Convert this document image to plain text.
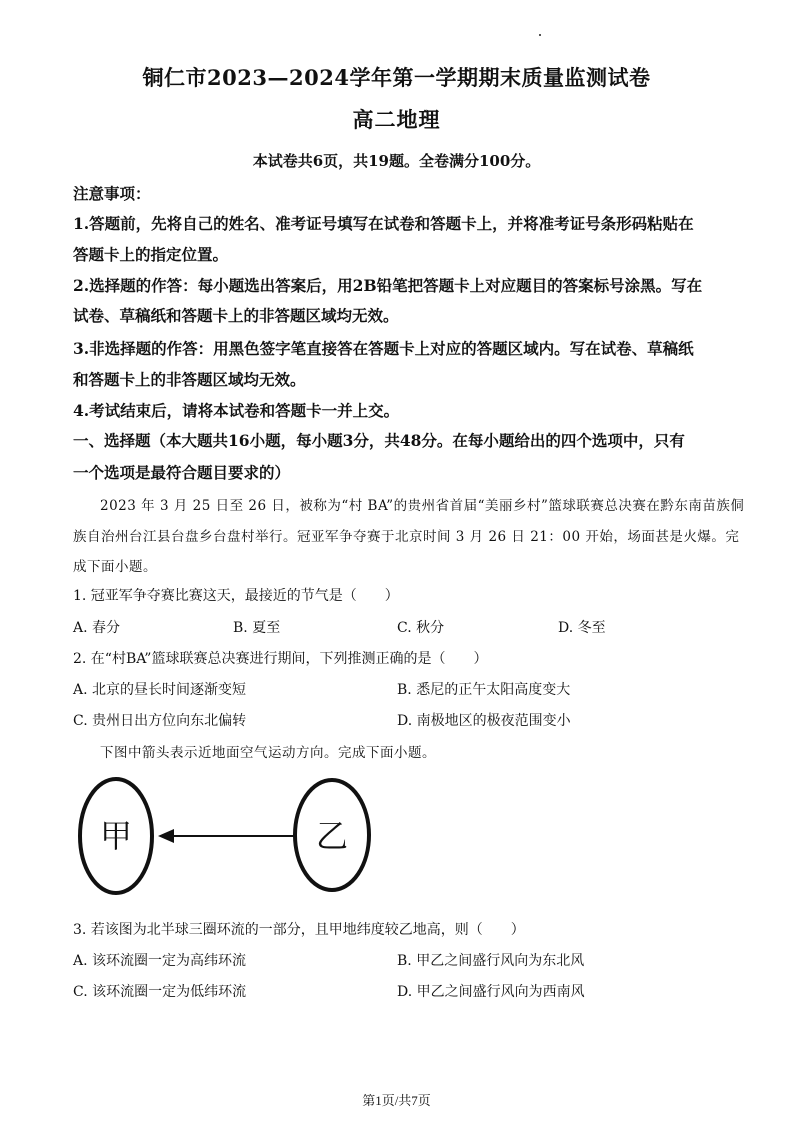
铜仁市2023—2024学年第一学期期末质量监测试卷
高二地理
本试卷共6页，共19题。全卷满分100分。
注意事项：
1.答题前，先将自己的姓名、准考证号填写在试卷和答题卡上，并将准考证号条形码粘贴在
答题卡上的指定位置。
2.选择题的作答：每小题选出答案后，用2B铅笔把答题卡上对应题目的答案标号涂黑。写在
试卷、草稿纸和答题卡上的非答题区域均无效。
3.非选择题的作答：用黑色签字笔直接答在答题卡上对应的答题区域内。写在试卷、草稿纸
和答题卡上的非答题区域均无效。
4.考试结束后，请将本试卷和答题卡一并上交。
一、选择题（本大题共16小题，每小题3分，共48分。在每小题给出的四个选项中，只有
一个选项是最符合题目要求的）
2023 年 3 月 25 日至 26 日，被称为“村 BA”的贵州省首届“美丽乡村”篮球联赛总决赛在黔东南苗族侗
族自治州台江县台盘乡台盘村举行。冠亚军争夺赛于北京时间 3 月 26 日 21：00 开始，场面甚是火爆。完
成下面小题。
1. 冠亚军争夺赛比赛这天，最接近的节气是（　　）
A. 春分	B. 夏至	C. 秋分	D. 冬至
2. 在“村BA”篮球联赛总决赛进行期间，下列推测正确的是（　　）
A. 北京的昼长时间逐渐变短	B. 悉尼的正午太阳高度变大
C. 贵州日出方位向东北偏转	D. 南极地区的极夜范围变小
下图中箭头表示近地面空气运动方向。完成下面小题。
甲	乙
3. 若该图为北半球三圈环流的一部分，且甲地纬度较乙地高，则（　　）
A. 该环流圈一定为高纬环流	B. 甲乙之间盛行风向为东北风
C. 该环流圈一定为低纬环流	D. 甲乙之间盛行风向为西南风
第1页/共7页
